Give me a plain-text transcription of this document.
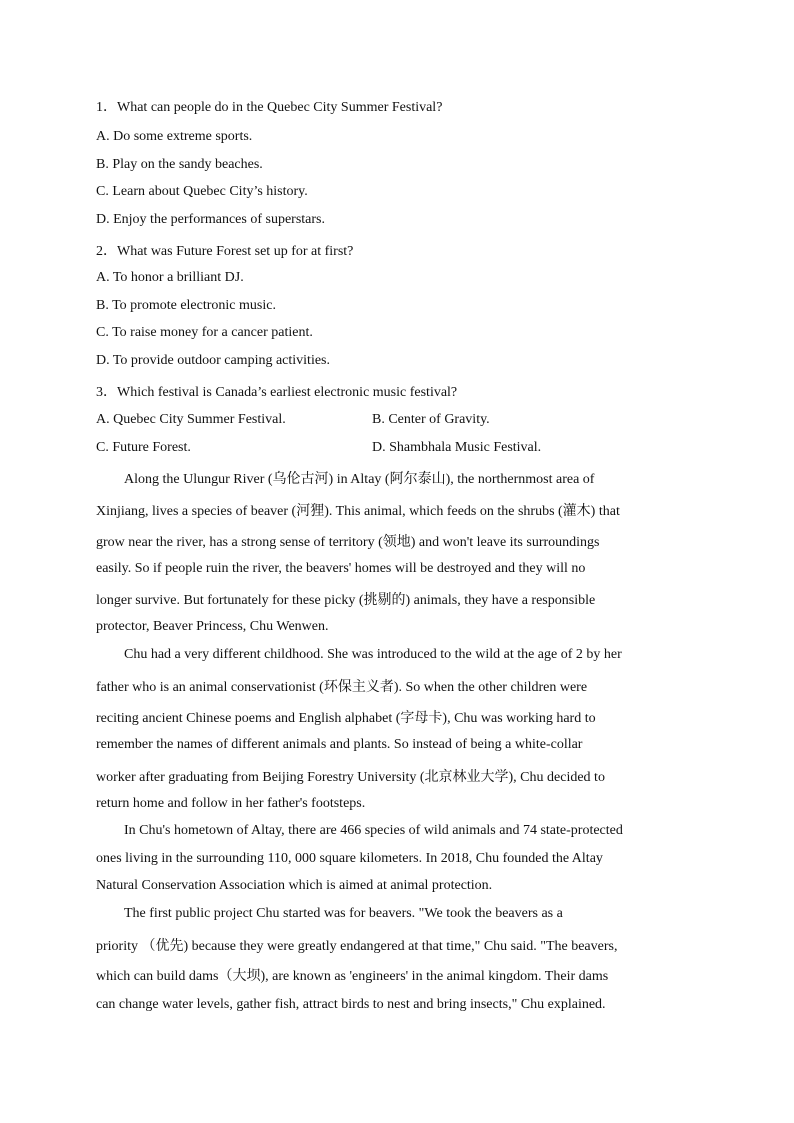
1．What can people do in the Quebec City Summer Festival?
A. Do some extreme sports.
B. Play on the sandy beaches.
C. Learn about Quebec City’s history.
D. Enjoy the performances of superstars.
2．What was Future Forest set up for at first?
A. To honor a brilliant DJ.
B. To promote electronic music.
C. To raise money for a cancer patient.
D. To provide outdoor camping activities.
3．Which festival is Canada’s earliest electronic music festival?
A. Quebec City Summer Festival.	B. Center of Gravity.
C. Future Forest.	D. Shambhala Music Festival.
Along the Ulungur River (乌伦古河) in Altay (阿尔泰山), the northernmost area of
Xinjiang, lives a species of beaver (河狸). This animal, which feeds on the shrubs (灌木) that
grow near the river, has a strong sense of territory (领地) and won't leave its surroundings
easily. So if people ruin the river, the beavers' homes will be destroyed and they will no
longer survive. But fortunately for these picky (挑剔的) animals, they have a responsible
protector, Beaver Princess, Chu Wenwen.
Chu had a very different childhood. She was introduced to the wild at the age of 2 by her
father who is an animal conservationist (环保主义者). So when the other children were
reciting ancient Chinese poems and English alphabet (字母卡), Chu was working hard to
remember the names of different animals and plants. So instead of being a white-collar
worker after graduating from Beijing Forestry University (北京林业大学), Chu decided to
return home and follow in her father's footsteps.
In Chu's hometown of Altay, there are 466 species of wild animals and 74 state-protected
ones living in the surrounding 110, 000 square kilometers. In 2018, Chu founded the Altay
Natural Conservation Association which is aimed at animal protection.
The first public project Chu started was for beavers. "We took the beavers as a
priority （优先) because they were greatly endangered at that time," Chu said. "The beavers,
which can build dams（大坝), are known as 'engineers' in the animal kingdom. Their dams
can change water levels, gather fish, attract birds to nest and bring insects," Chu explained.
